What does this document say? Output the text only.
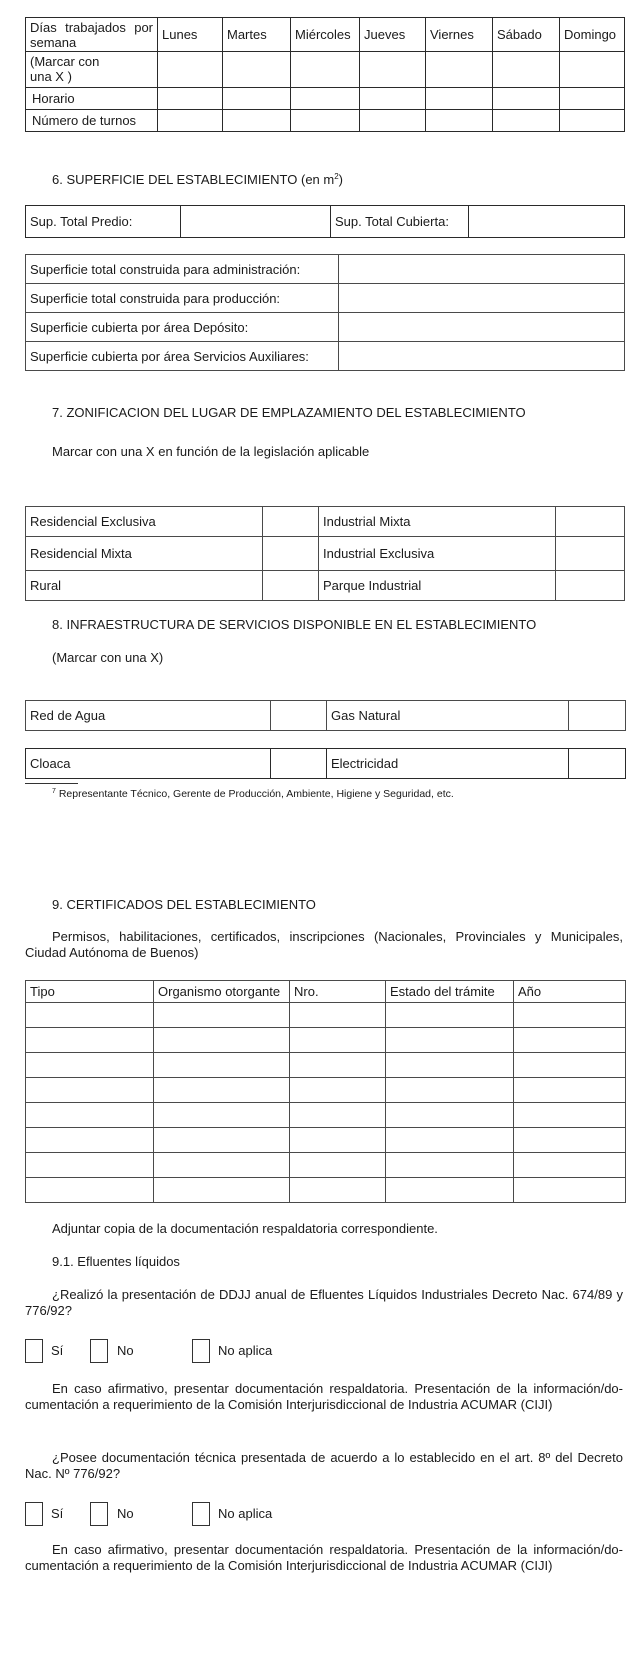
Días trabajados por semana	Lunes	Martes	Miércoles	Jueves	Viernes	Sábado	Domingo

(Marcar con una X )							

Horario							
Número de turnos							
6. SUPERFICIE DEL ESTABLECIMIENTO (en $m^2$)
Sup. Total Predio:		Sup. Total Cubierta:	
Superficie total construida para administración:	
Superficie total construida para producción:	
Superficie cubierta por área Depósito:	
Superficie cubierta por área Servicios Auxiliares:	
7. ZONIFICACION DEL LUGAR DE EMPLAZAMIENTO DEL ESTABLECIMIENTO
Marcar con una X en función de la legislación aplicable
Residencial Exclusiva		Industrial Mixta	
Residencial Mixta		Industrial Exclusiva	
Rural		Parque Industrial	
8. INFRAESTRUCTURA DE SERVICIOS DISPONIBLE EN EL ESTABLECIMIENTO
(Marcar con una X)
Red de Agua		Gas Natural	
Cloaca		Electricidad	
$^7$ Representante Técnico, Gerente de Producción, Ambiente, Higiene y Seguridad, etc.
9. CERTIFICADOS DEL ESTABLECIMIENTO
Permisos, habilitaciones, certificados, inscripciones (Nacionales, Provinciales y Municipales, Ciudad Autónoma de Buenos)
Tipo	Organismo otorgante	Nro.	Estado del trámite	Año

Adjuntar copia de la documentación respaldatoria correspondiente.
9.1. Efluentes líquidos
¿Realizó la presentación de DDJJ anual de Efluentes Líquidos Industriales Decreto Nac. 674/89 y 776/92?
Sí	No	No aplica
En caso afirmativo, presentar documentación respaldatoria. Presentación de la información/do-cumentación a requerimiento de la Comisión Interjurisdiccional de Industria ACUMAR (CIJI)
¿Posee documentación técnica presentada de acuerdo a lo establecido en el art. 8º del Decreto Nac. Nº 776/92?
Sí	No	No aplica
En caso afirmativo, presentar documentación respaldatoria. Presentación de la información/do-cumentación a requerimiento de la Comisión Interjurisdiccional de Industria ACUMAR (CIJI)
